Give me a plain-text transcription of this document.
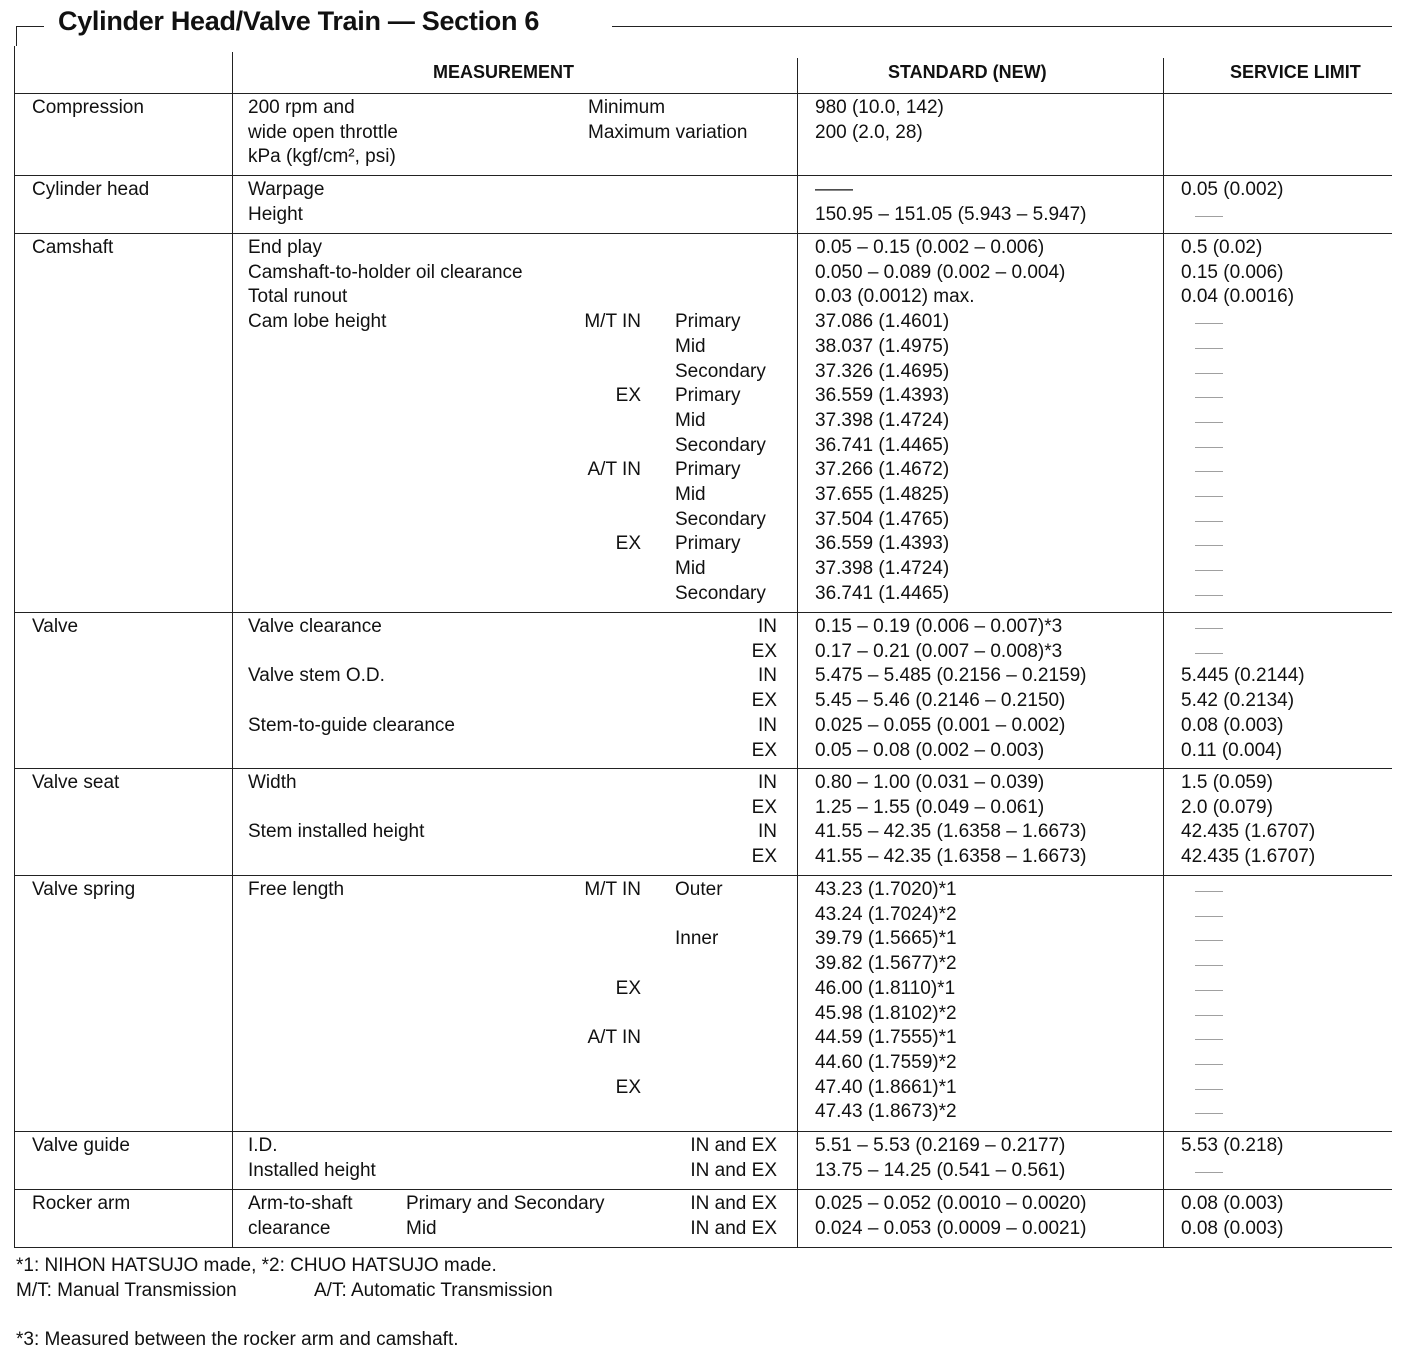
Cylinder Head/Valve Train — Section 6
MEASUREMENT	STANDARD (NEW)	SERVICE LIMIT
Compression	200 rpm and	Minimum	980 (10.0, 142)
wide open throttle	Maximum variation	200 (2.0, 28)
kPa (kgf/cm², psi)
Cylinder head	Warpage	——	0.05 (0.002)
Height	150.95 – 151.05 (5.943 – 5.947)	——
Camshaft	End play	0.05 – 0.15 (0.002 – 0.006)	0.5 (0.02)
Camshaft-to-holder oil clearance	0.050 – 0.089 (0.002 – 0.004)	0.15 (0.006)
Total runout	0.03 (0.0012) max.	0.04 (0.0016)
Cam lobe height	M/T IN Primary	37.086 (1.4601)	——
Mid	38.037 (1.4975)	——
Secondary	37.326 (1.4695)	——
EX Primary	36.559 (1.4393)	——
Mid	37.398 (1.4724)	——
Secondary	36.741 (1.4465)	——
A/T IN Primary	37.266 (1.4672)	——
Mid	37.655 (1.4825)	——
Secondary	37.504 (1.4765)	——
EX Primary	36.559 (1.4393)	——
Mid	37.398 (1.4724)	——
Secondary	36.741 (1.4465)	——
Valve	Valve clearance	IN 0.15 – 0.19 (0.006 – 0.007)*3	——
EX 0.17 – 0.21 (0.007 – 0.008)*3	——
Valve stem O.D.	IN 5.475 – 5.485 (0.2156 – 0.2159)	5.445 (0.2144)
EX 5.45 – 5.46 (0.2146 – 0.2150)	5.42 (0.2134)
Stem-to-guide clearance	IN 0.025 – 0.055 (0.001 – 0.002)	0.08 (0.003)
EX 0.05 – 0.08 (0.002 – 0.003)	0.11 (0.004)
Valve seat	Width	IN 0.80 – 1.00 (0.031 – 0.039)	1.5 (0.059)
EX 1.25 – 1.55 (0.049 – 0.061)	2.0 (0.079)
Stem installed height	IN 41.55 – 42.35 (1.6358 – 1.6673)	42.435 (1.6707)
EX 41.55 – 42.35 (1.6358 – 1.6673)	42.435 (1.6707)
Valve spring	Free length	M/T IN Outer	43.23 (1.7020)*1	——
43.24 (1.7024)*2	——
Inner	39.79 (1.5665)*1	——
39.82 (1.5677)*2	——
EX	46.00 (1.8110)*1	——
45.98 (1.8102)*2	——
A/T IN	44.59 (1.7555)*1	——
44.60 (1.7559)*2	——
EX	47.40 (1.8661)*1	——
47.43 (1.8673)*2	——
Valve guide	I.D.	IN and EX 5.51 – 5.53 (0.2169 – 0.2177)	5.53 (0.218)
Installed height	IN and EX 13.75 – 14.25 (0.541 – 0.561)	——
Rocker arm	Arm-to-shaft	Primary and Secondary	IN and EX 0.025 – 0.052 (0.0010 – 0.0020)	0.08 (0.003)
clearance	Mid	IN and EX 0.024 – 0.053 (0.0009 – 0.0021)	0.08 (0.003)
*1: NIHON HATSUJO made, *2: CHUO HATSUJO made.
M/T: Manual Transmission	A/T: Automatic Transmission
*3: Measured between the rocker arm and camshaft.
